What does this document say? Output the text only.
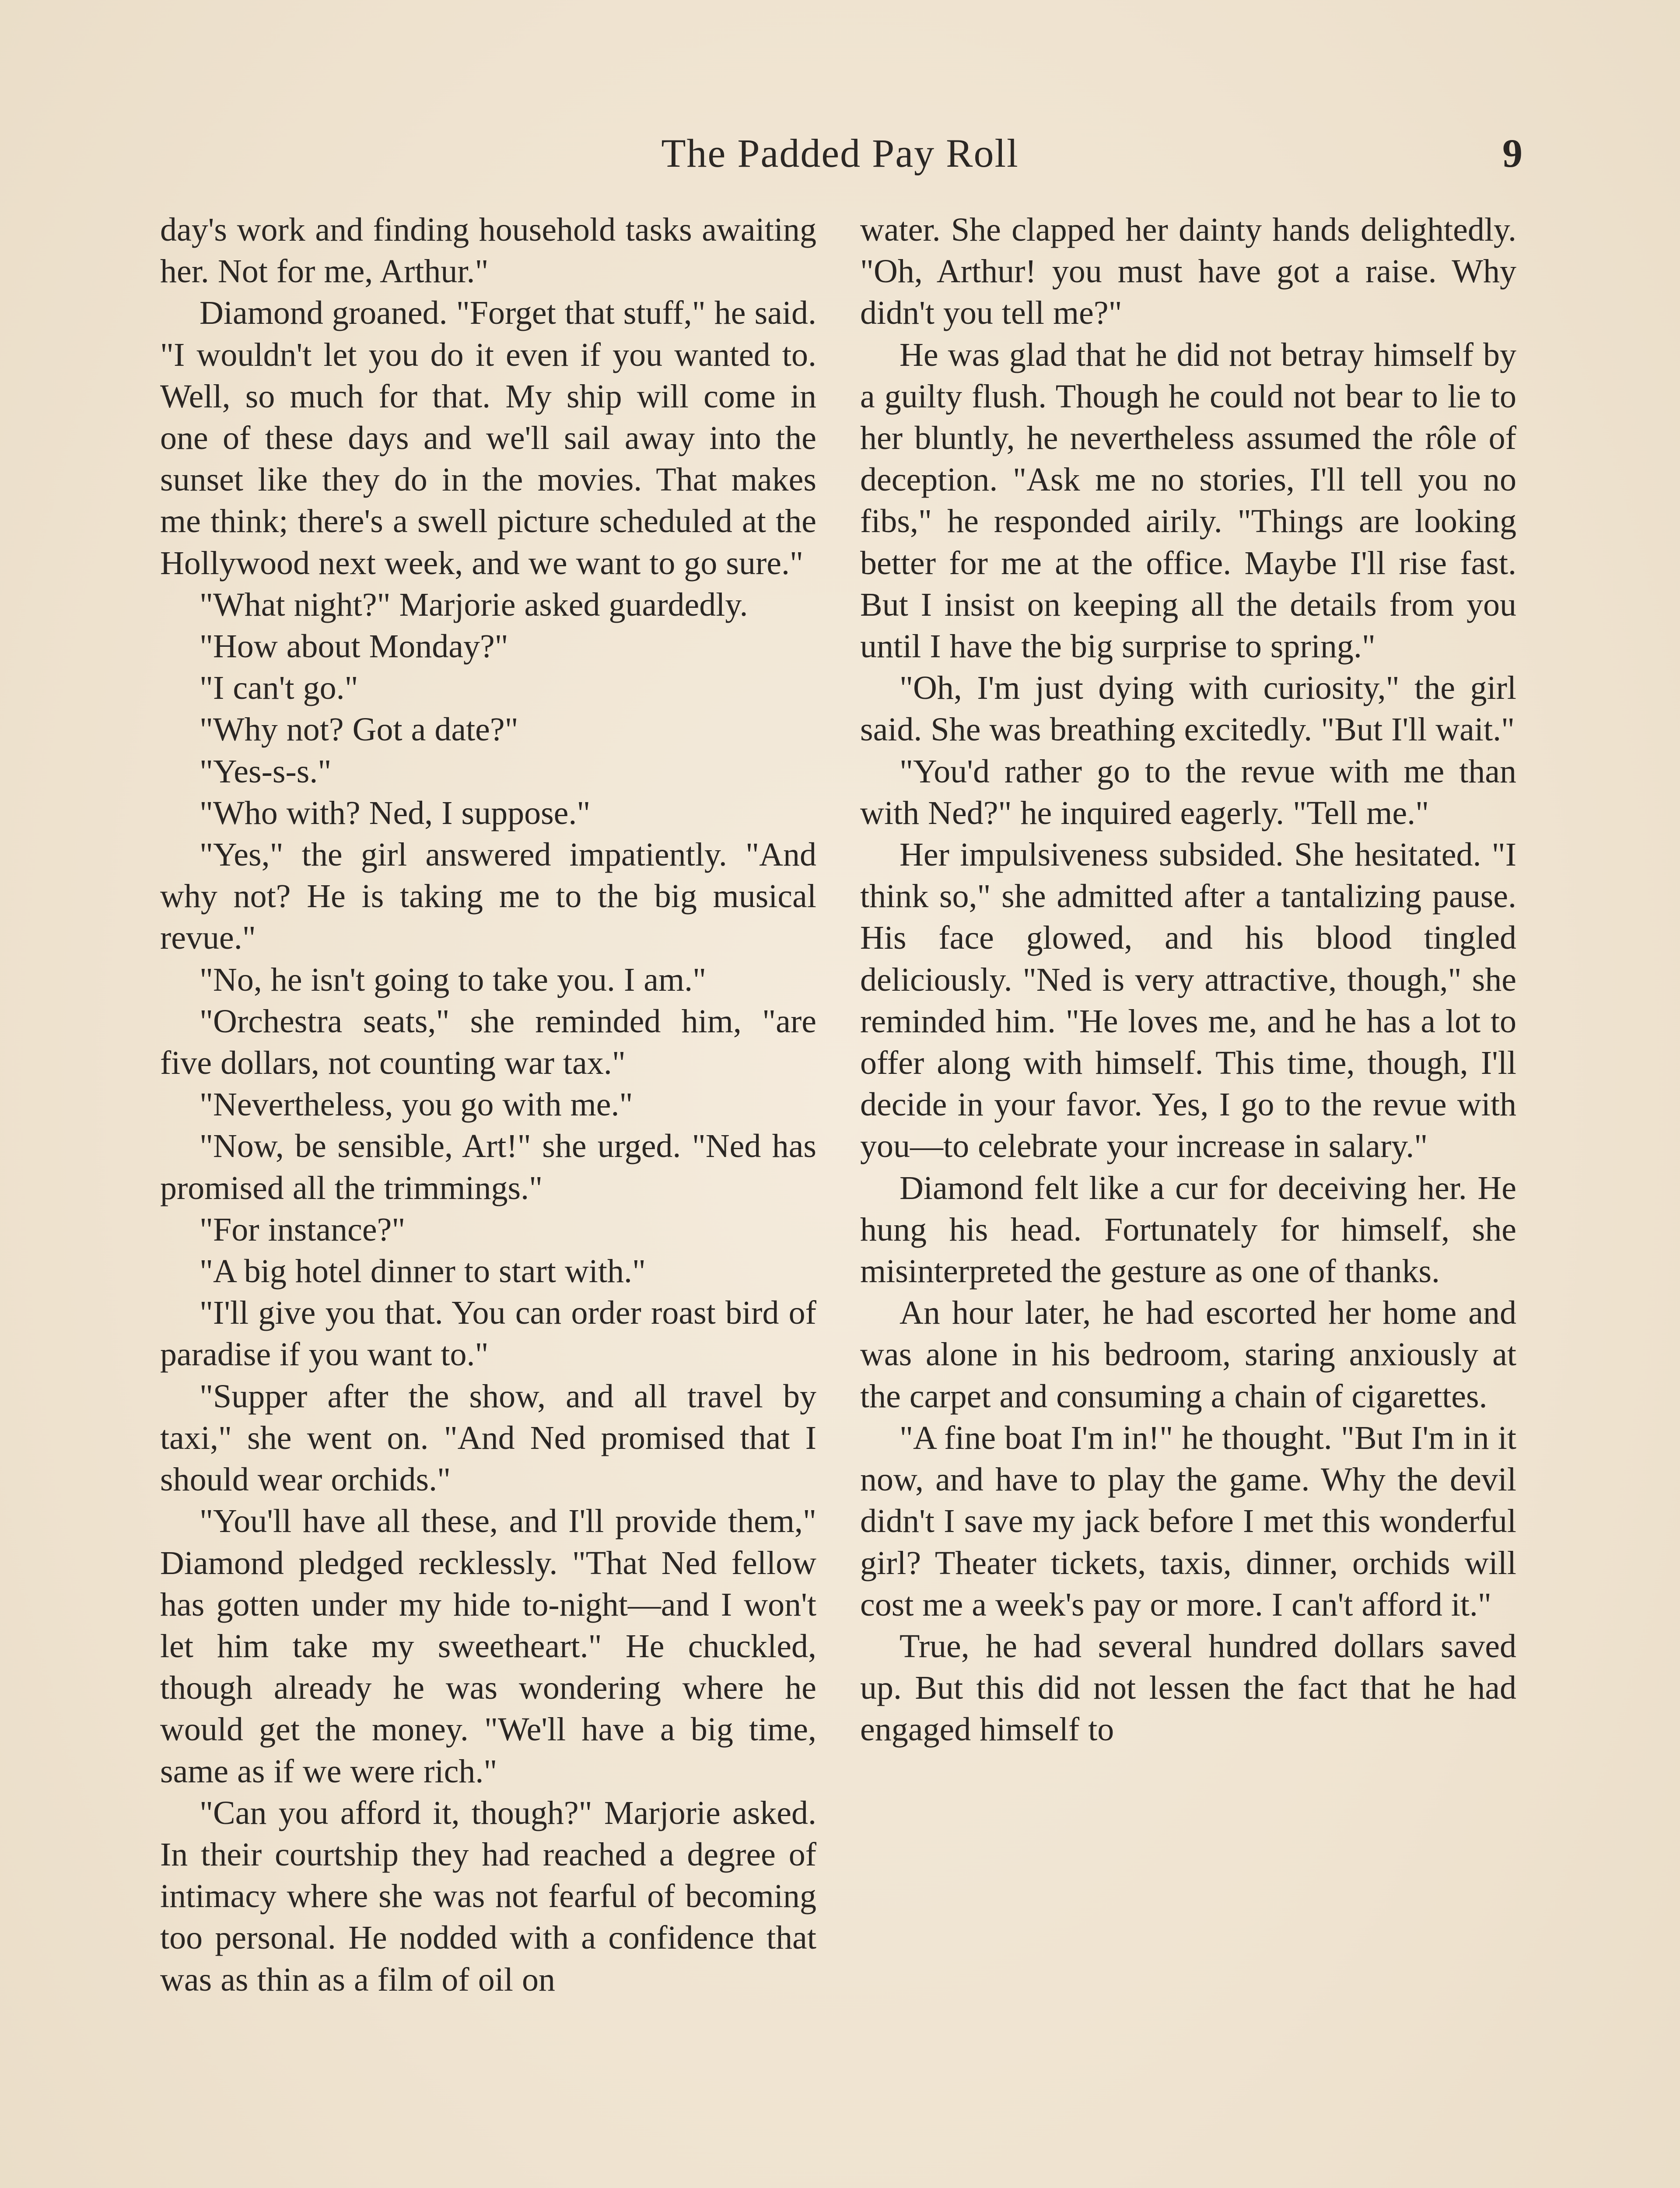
The Padded Pay Roll	9

day's work and finding household tasks awaiting her. Not for me, Arthur."

Diamond groaned. "Forget that stuff," he said. "I wouldn't let you do it even if you wanted to. Well, so much for that. My ship will come in one of these days and we'll sail away into the sunset like they do in the movies. That makes me think; there's a swell picture scheduled at the Hollywood next week, and we want to go sure."

"What night?" Marjorie asked guardedly.

"How about Monday?"

"I can't go."

"Why not? Got a date?"

"Yes-s-s."

"Who with? Ned, I suppose."

"Yes," the girl answered impatiently. "And why not? He is taking me to the big musical revue."

"No, he isn't going to take you. I am."

"Orchestra seats," she reminded him, "are five dollars, not counting war tax."

"Nevertheless, you go with me."

"Now, be sensible, Art!" she urged. "Ned has promised all the trimmings."

"For instance?"

"A big hotel dinner to start with."

"I'll give you that. You can order roast bird of paradise if you want to."

"Supper after the show, and all travel by taxi," she went on. "And Ned promised that I should wear orchids."

"You'll have all these, and I'll provide them," Diamond pledged recklessly. "That Ned fellow has gotten under my hide to-night—and I won't let him take my sweetheart." He chuckled, though already he was wondering where he would get the money. "We'll have a big time, same as if we were rich."

"Can you afford it, though?" Marjorie asked. In their courtship they had reached a degree of intimacy where she was not fearful of becoming too personal. He nodded with a confidence that was as thin as a film of oil on

water. She clapped her dainty hands delightedly. "Oh, Arthur! you must have got a raise. Why didn't you tell me?"

He was glad that he did not betray himself by a guilty flush. Though he could not bear to lie to her bluntly, he nevertheless assumed the rôle of deception. "Ask me no stories, I'll tell you no fibs," he responded airily. "Things are looking better for me at the office. Maybe I'll rise fast. But I insist on keeping all the details from you until I have the big surprise to spring."

"Oh, I'm just dying with curiosity," the girl said. She was breathing excitedly. "But I'll wait."

"You'd rather go to the revue with me than with Ned?" he inquired eagerly. "Tell me."

Her impulsiveness subsided. She hesitated. "I think so," she admitted after a tantalizing pause. His face glowed, and his blood tingled deliciously. "Ned is very attractive, though," she reminded him. "He loves me, and he has a lot to offer along with himself. This time, though, I'll decide in your favor. Yes, I go to the revue with you—to celebrate your increase in salary."

Diamond felt like a cur for deceiving her. He hung his head. Fortunately for himself, she misinterpreted the gesture as one of thanks.

An hour later, he had escorted her home and was alone in his bedroom, staring anxiously at the carpet and consuming a chain of cigarettes.

"A fine boat I'm in!" he thought. "But I'm in it now, and have to play the game. Why the devil didn't I save my jack before I met this wonderful girl? Theater tickets, taxis, dinner, orchids will cost me a week's pay or more. I can't afford it."

True, he had several hundred dollars saved up. But this did not lessen the fact that he had engaged himself to
